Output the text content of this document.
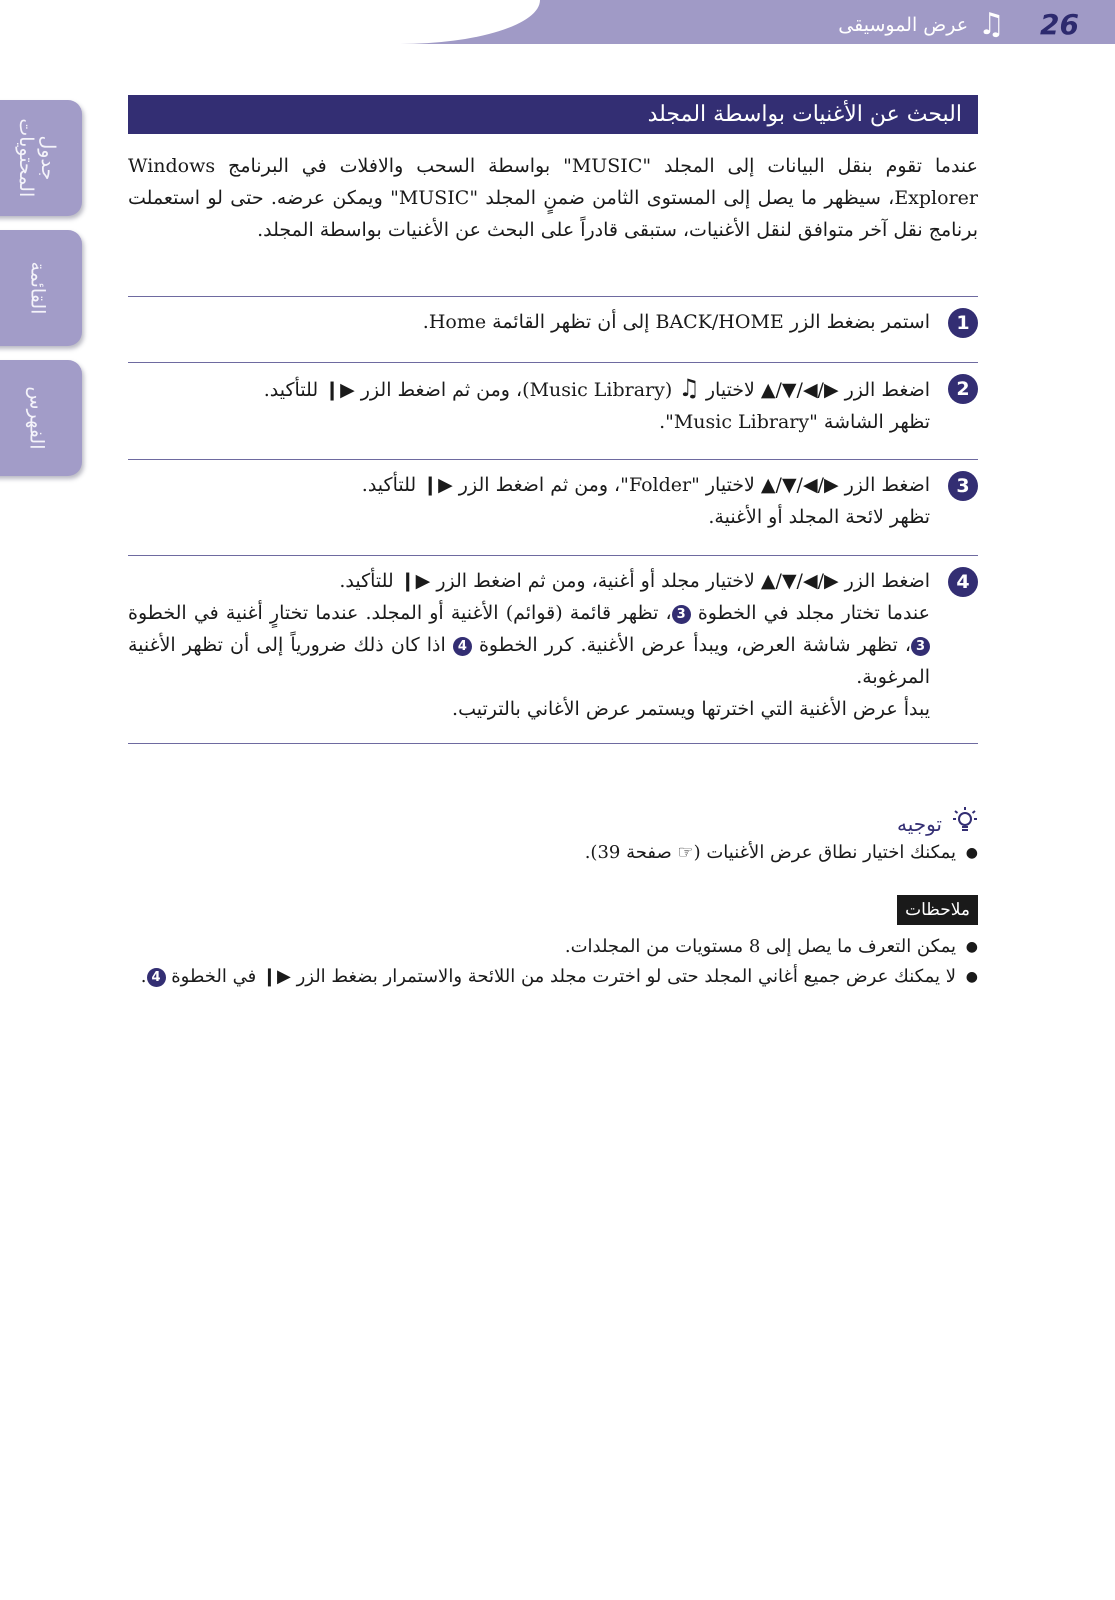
26
♫
عرض الموسيقى
جدول المحتويات
القائمة
الفهرس
البحث عن الأغنيات بواسطة المجلد
عندما تقوم بنقل البيانات إلى المجلد "MUSIC" بواسطة السحب والافلات في البرنامج Windows Explorer، سيظهر ما يصل إلى المستوى الثامن ضمنٍ المجلد "MUSIC" ويمكن عرضه. حتى لو استعملت برنامج نقل آخر متوافق لنقل الأغنيات، ستبقى قادراً على البحث عن الأغنيات بواسطة المجلد.
1
استمر بضغط الزر BACK/HOME إلى أن تظهر القائمة Home.
2
اضغط الزر ▶/◀/▼/▲ لاختيار ♫ (Music Library)، ومن ثم اضغط الزر ▶❙ للتأكيد.
تظهر الشاشة "Music Library".
3
اضغط الزر ▶/◀/▼/▲ لاختيار "Folder"، ومن ثم اضغط الزر ▶❙ للتأكيد.
تظهر لائحة المجلد أو الأغنية.
4
اضغط الزر ▶/◀/▼/▲ لاختيار مجلد أو أغنية، ومن ثم اضغط الزر ▶❙ للتأكيد.
عندما تختار مجلد في الخطوة 3، تظهر قائمة (قوائم) الأغنية أو المجلد. عندما تختارٍ أغنية في الخطوة 3، تظهر شاشة العرض، ويبدأ عرض الأغنية. كرر الخطوة 4 اذا كان ذلك ضرورياً إلى أن تظهر الأغنية المرغوبة.
يبدأ عرض الأغنية التي اخترتها ويستمر عرض الأغاني بالترتيب.
توجيه
● يمكنك اختيار نطاق عرض الأغنيات (☞ صفحة 39).
ملاحظات
● يمكن التعرف ما يصل إلى 8 مستويات من المجلدات.
● لا يمكنك عرض جميع أغاني المجلد حتى لو اخترت مجلد من اللائحة والاستمرار بضغط الزر ▶❙ في الخطوة 4.
